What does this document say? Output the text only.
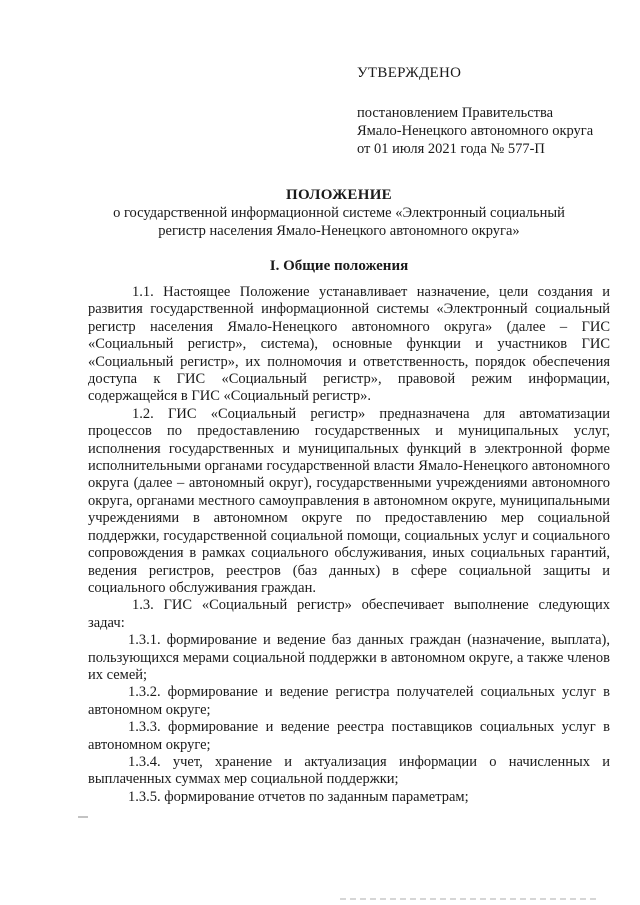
УТВЕРЖДЕНО
постановлением Правительства
Ямало-Ненецкого автономного округа
от 01 июля 2021 года № 577-П
ПОЛОЖЕНИЕ
о государственной информационной системе «Электронный социальный
регистр населения Ямало-Ненецкого автономного округа»
I. Общие положения

1.1. Настоящее Положение устанавливает назначение, цели создания и развития государственной информационной системы «Электронный социальный регистр населения Ямало-Ненецкого автономного округа» (далее – ГИС «Социальный регистр», система), основные функции и участников ГИС «Социальный регистр», их полномочия и ответственность, порядок обеспечения доступа к ГИС «Социальный регистр», правовой режим информации, содержащейся в ГИС «Социальный регистр».

1.2. ГИС «Социальный регистр» предназначена для автоматизации процессов по предоставлению государственных и муниципальных услуг, исполнения государственных и муниципальных функций в электронной форме исполнительными органами государственной власти Ямало-Ненецкого автономного округа (далее – автономный округ), государственными учреждениями автономного округа, органами местного самоуправления в автономном округе, муниципальными учреждениями в автономном округе по предоставлению мер социальной поддержки, государственной социальной помощи, социальных услуг и социального сопровождения в рамках социального обслуживания, иных социальных гарантий, ведения регистров, реестров (баз данных) в сфере социальной защиты и социального обслуживания граждан.

1.3. ГИС «Социальный регистр» обеспечивает выполнение следующих задач:

1.3.1. формирование и ведение баз данных граждан (назначение, выплата), пользующихся мерами социальной поддержки в автономном округе, а также членов их семей;

1.3.2. формирование и ведение регистра получателей социальных услуг в автономном округе;

1.3.3. формирование и ведение реестра поставщиков социальных услуг в автономном округе;

1.3.4. учет, хранение и актуализация информации о начисленных и выплаченных суммах мер социальной поддержки;

1.3.5. формирование отчетов по заданным параметрам;
